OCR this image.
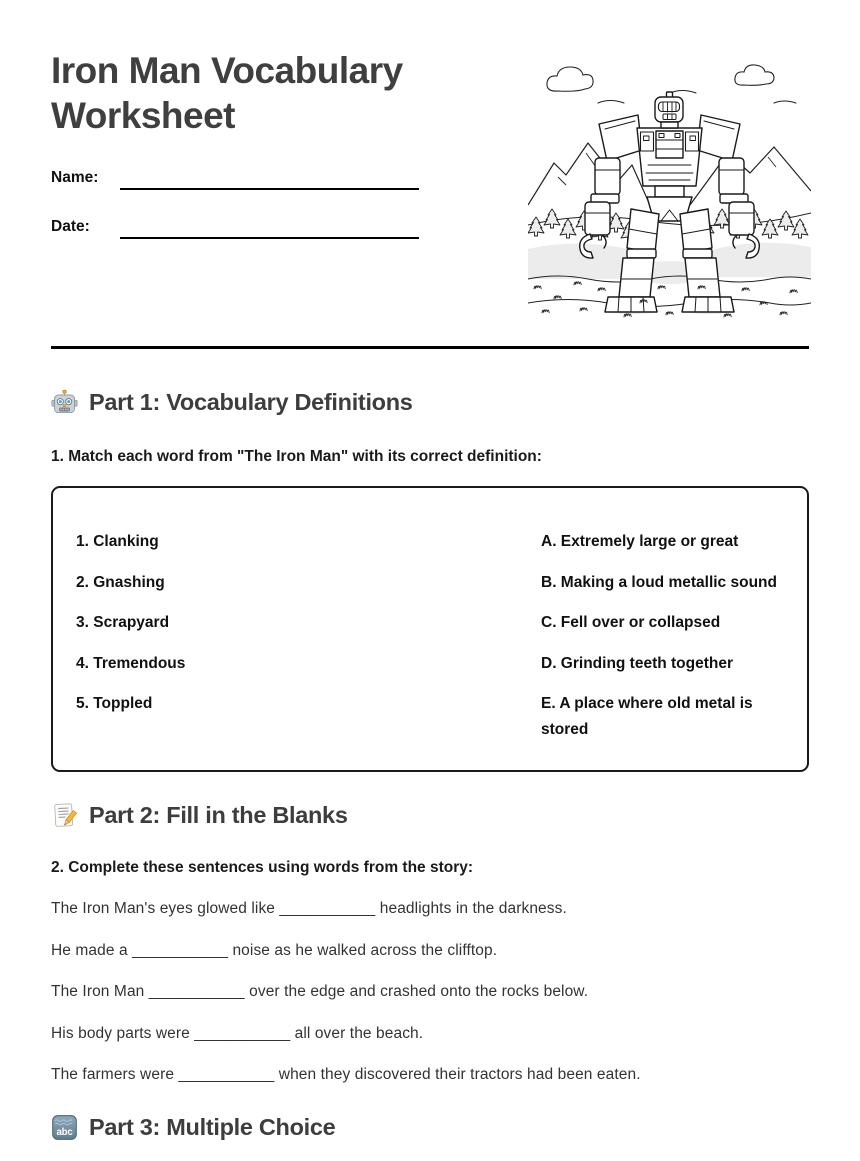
Iron Man Vocabulary Worksheet
Name:
Date:
Part 1: Vocabulary Definitions
1. Match each word from "The Iron Man" with its correct definition:
1. Clanking
2. Gnashing
3. Scrapyard
4. Tremendous
5. Toppled
A. Extremely large or great
B. Making a loud metallic sound
C. Fell over or collapsed
D. Grinding teeth together
E. A place where old metal is stored
Part 2: Fill in the Blanks
2. Complete these sentences using words from the story:
The Iron Man's eyes glowed like ___________ headlights in the darkness.
He made a ___________ noise as he walked across the clifftop.
The Iron Man ___________ over the edge and crashed onto the rocks below.
His body parts were ___________ all over the beach.
The farmers were ___________ when they discovered their tractors had been eaten.
abc Part 3: Multiple Choice
